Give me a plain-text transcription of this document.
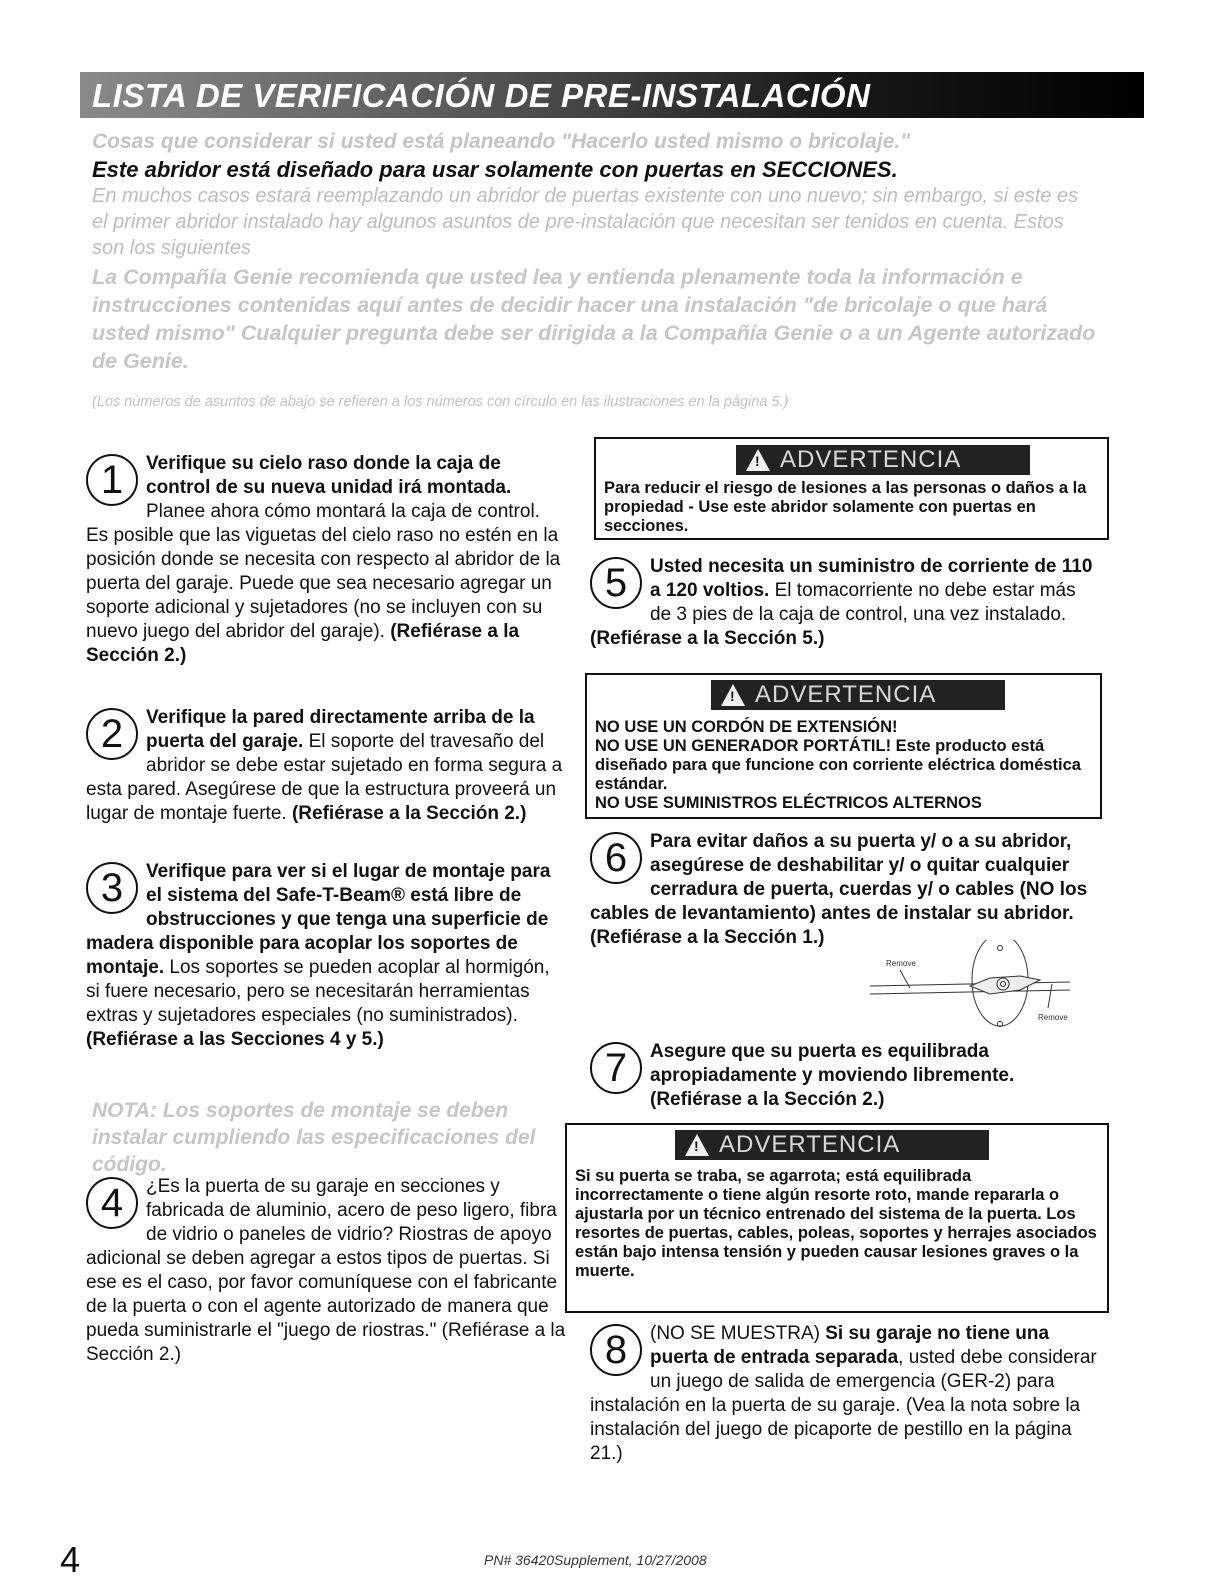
LISTA DE VERIFICACIÓN DE PRE-INSTALACIÓN
Cosas que considerar si usted está planeando "Hacerlo usted mismo o bricolaje."
Este abridor está diseñado para usar solamente con puertas en SECCIONES.
En muchos casos estará reemplazando un abridor de puertas existente con uno nuevo; sin embargo, si este es el primer abridor instalado hay algunos asuntos de pre-instalación que necesitan ser tenidos en cuenta. Estos son los siguientes
La Compañía Genie recomienda que usted lea y entienda plenamente toda la información e instrucciones contenidas aquí antes de decidir hacer una instalación "de bricolaje o que hará usted mismo" Cualquier pregunta debe ser dirigida a la Compañía Genie o a un Agente autorizado de Genie.
(Los números de asuntos de abajo se refieren a los números con círculo en las ilustraciones en la página 5.)
1	Verifique su cielo raso donde la caja de control de su nueva unidad irá montada. Planee ahora cómo montará la caja de control. Es posible que las viguetas del cielo raso no estén en la posición donde se necesita con respecto al abridor de la puerta del garaje. Puede que sea necesario agregar un soporte adicional y sujetadores (no se incluyen con su nuevo juego del abridor del garaje). (Refiérase a la Sección 2.)
2	Verifique la pared directamente arriba de la puerta del garaje. El soporte del travesaño del abridor se debe estar sujetado en forma segura a esta pared. Asegúrese de que la estructura proveerá un lugar de montaje fuerte. (Refiérase a la Sección 2.)
3	Verifique para ver si el lugar de montaje para el sistema del Safe-T-Beam® está libre de obstrucciones y que tenga una superficie de madera disponible para acoplar los soportes de montaje. Los soportes se pueden acoplar al hormigón, si fuere necesario, pero se necesitarán herramientas extras y sujetadores especiales (no suministrados). (Refiérase a las Secciones 4 y 5.)
NOTA: Los soportes de montaje se deben instalar cumpliendo las especificaciones del código.
4	¿Es la puerta de su garaje en secciones y fabricada de aluminio, acero de peso ligero, fibra de vidrio o paneles de vidrio? Riostras de apoyo adicional se deben agregar a estos tipos de puertas. Si ese es el caso, por favor comuníquese con el fabricante de la puerta o con el agente autorizado de manera que pueda suministrarle el "juego de riostras." (Refiérase a la Sección 2.)
! ADVERTENCIA
Para reducir el riesgo de lesiones a las personas o daños a la propiedad - Use este abridor solamente con puertas en secciones.
5	Usted necesita un suministro de corriente de 110 a 120 voltios. El tomacorriente no debe estar más de 3 pies de la caja de control, una vez instalado. (Refiérase a la Sección 5.)
! ADVERTENCIA
NO USE UN CORDÓN DE EXTENSIÓN!
NO USE UN GENERADOR PORTÁTIL! Este producto está diseñado para que funcione con corriente eléctrica doméstica estándar.
NO USE SUMINISTROS ELÉCTRICOS ALTERNOS
6	Para evitar daños a su puerta y/ o a su abridor, asegúrese de deshabilitar y/ o quitar cualquier cerradura de puerta, cuerdas y/ o cables (NO los cables de levantamiento) antes de instalar su abridor.
(Refiérase a la Sección 1.)
Remove
Remove
7	Asegure que su puerta es equilibrada apropiadamente y moviendo libremente. (Refiérase a la Sección 2.)
! ADVERTENCIA
Si su puerta se traba, se agarrota; está equilibrada incorrectamente o tiene algún resorte roto, mande repararla o ajustarla por un técnico entrenado del sistema de la puerta. Los resortes de puertas, cables, poleas, soportes y herrajes asociados están bajo intensa tensión y pueden causar lesiones graves o la muerte.
8	(NO SE MUESTRA) Si su garaje no tiene una puerta de entrada separada, usted debe considerar un juego de salida de emergencia (GER-2) para instalación en la puerta de su garaje. (Vea la nota sobre la instalación del juego de picaporte de pestillo en la página 21.)
4	PN# 36420Supplement, 10/27/2008
